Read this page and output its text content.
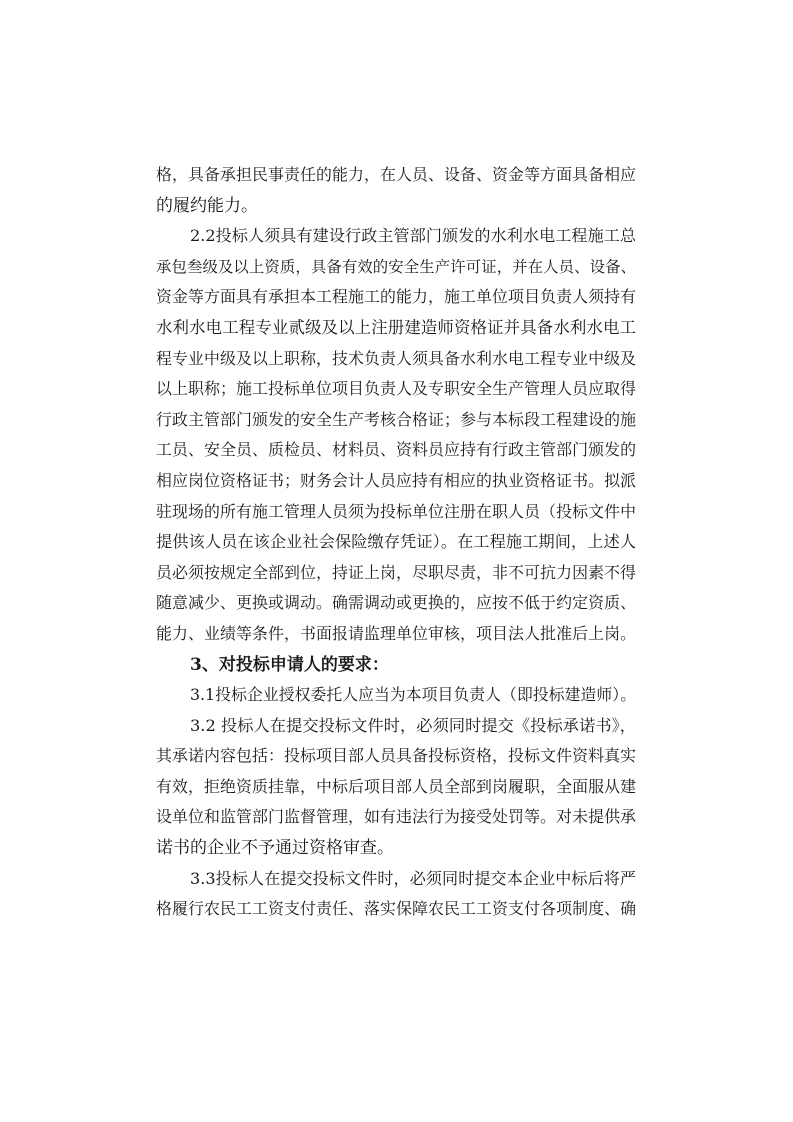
格，具备承担民事责任的能力，在人员、设备、资金等方面具备相应
的履约能力。
2.2投标人须具有建设行政主管部门颁发的水利水电工程施工总
承包叁级及以上资质，具备有效的安全生产许可证，并在人员、设备、
资金等方面具有承担本工程施工的能力，施工单位项目负责人须持有
水利水电工程专业贰级及以上注册建造师资格证并具备水利水电工
程专业中级及以上职称，技术负责人须具备水利水电工程专业中级及
以上职称；施工投标单位项目负责人及专职安全生产管理人员应取得
行政主管部门颁发的安全生产考核合格证；参与本标段工程建设的施
工员、安全员、质检员、材料员、资料员应持有行政主管部门颁发的
相应岗位资格证书；财务会计人员应持有相应的执业资格证书。拟派
驻现场的所有施工管理人员须为投标单位注册在职人员（投标文件中
提供该人员在该企业社会保险缴存凭证）。在工程施工期间，上述人
员必须按规定全部到位，持证上岗，尽职尽责，非不可抗力因素不得
随意减少、更换或调动。确需调动或更换的，应按不低于约定资质、
能力、业绩等条件，书面报请监理单位审核，项目法人批准后上岗。
3、对投标申请人的要求：
3.1投标企业授权委托人应当为本项目负责人（即投标建造师）。
3.2 投标人在提交投标文件时，必须同时提交《投标承诺书》，
其承诺内容包括：投标项目部人员具备投标资格，投标文件资料真实
有效，拒绝资质挂靠，中标后项目部人员全部到岗履职，全面服从建
设单位和监管部门监督管理，如有违法行为接受处罚等。对未提供承
诺书的企业不予通过资格审查。
3.3投标人在提交投标文件时，必须同时提交本企业中标后将严
格履行农民工工资支付责任、落实保障农民工工资支付各项制度、确
